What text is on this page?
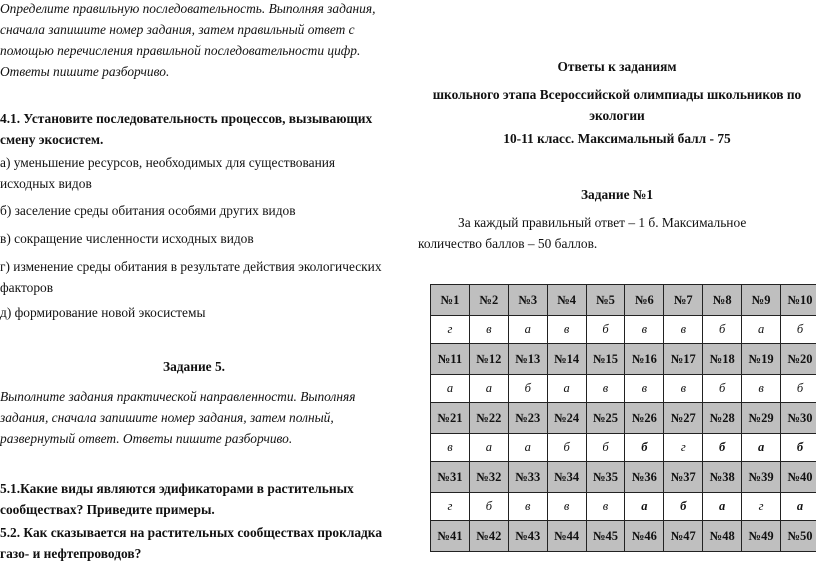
Определите правильную последовательность. Выполняя задания, сначала запишите номер задания, затем правильный ответ с помощью перечисления правильной последовательности цифр. Ответы пишите разборчиво.

4.1. Установите последовательность процессов, вызывающих смену экосистем.

а) уменьшение ресурсов, необходимых для существования исходных видов

б) заселение среды обитания особями других видов

в) сокращение численности исходных видов

г) изменение среды обитания в результате действия экологических факторов

д) формирование новой экосистемы

Задание 5.

Выполните задания практической направленности. Выполняя задания, сначала запишите номер задания, затем полный, развернутый ответ. Ответы пишите разборчиво.

5.1.Какие виды являются эдификаторами в растительных сообществах? Приведите примеры.

5.2. Как сказывается на растительных сообществах прокладка газо- и нефтепроводов?

Ответы к заданиям

школьного этапа Всероссийской олимпиады школьников по экологии

10-11 класс. Максимальный балл - 75

Задание №1

За каждый правильный ответ – 1 б. Максимальное количество баллов – 50 баллов.

№1	№2	№3	№4	№5	№6	№7	№8	№9	№10
г	в	а	в	б	в	в	б	а	б
№11	№12	№13	№14	№15	№16	№17	№18	№19	№20
а	а	б	а	в	в	в	б	в	б
№21	№22	№23	№24	№25	№26	№27	№28	№29	№30
в	а	а	б	б	б	г	б	а	б
№31	№32	№33	№34	№35	№36	№37	№38	№39	№40
г	б	в	в	в	а	б	а	г	а
№41	№42	№43	№44	№45	№46	№47	№48	№49	№50
